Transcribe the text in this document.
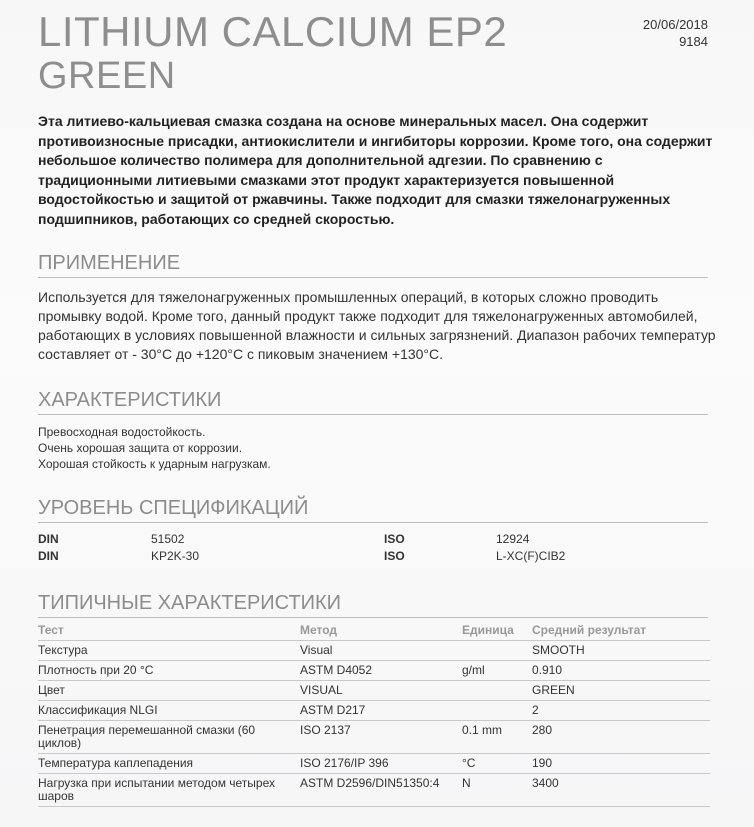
LITHIUM CALCIUM EP2
GREEN
20/06/2018
9184
Эта литиево-кальциевая смазка создана на основе минеральных масел. Она содержит противоизносные присадки, антиокислители и ингибиторы коррозии. Кроме того, она содержит небольшое количество полимера для дополнительной адгезии. По сравнению с традиционными литиевыми смазками этот продукт характеризуется повышенной водостойкостью и защитой от ржавчины. Также подходит для смазки тяжелонагруженных подшипников, работающих со средней скоростью.
ПРИМЕНЕНИЕ
Используется для тяжелонагруженных промышленных операций, в которых сложно проводить промывку водой. Кроме того, данный продукт также подходит для тяжелонагруженных автомобилей, работающих в условиях повышенной влажности и сильных загрязнений. Диапазон рабочих температур составляет от - 30°C до +120°C с пиковым значением +130°C.
ХАРАКТЕРИСТИКИ
Превосходная водостойкость.
Очень хорошая защита от коррозии.
Хорошая стойкость к ударным нагрузкам.
УРОВЕНЬ СПЕЦИФИКАЦИЙ
DIN	51502	ISO	12924
DIN	KP2K-30	ISO	L-XC(F)CIB2
ТИПИЧНЫЕ ХАРАКТЕРИСТИКИ
Тест	Метод	Единица	Средний результат
Текстура	Visual		SMOOTH
Плотность при 20 °C	ASTM D4052	g/ml	0.910
Цвет	VISUAL		GREEN
Классификация NLGI	ASTM D217		2
Пенетрация перемешанной смазки (60 циклов)	ISO 2137	0.1 mm	280
Температура каплепадения	ISO 2176/IP 396	°C	190
Нагрузка при испытании методом четырех шаров	ASTM D2596/DIN51350:4	N	3400
